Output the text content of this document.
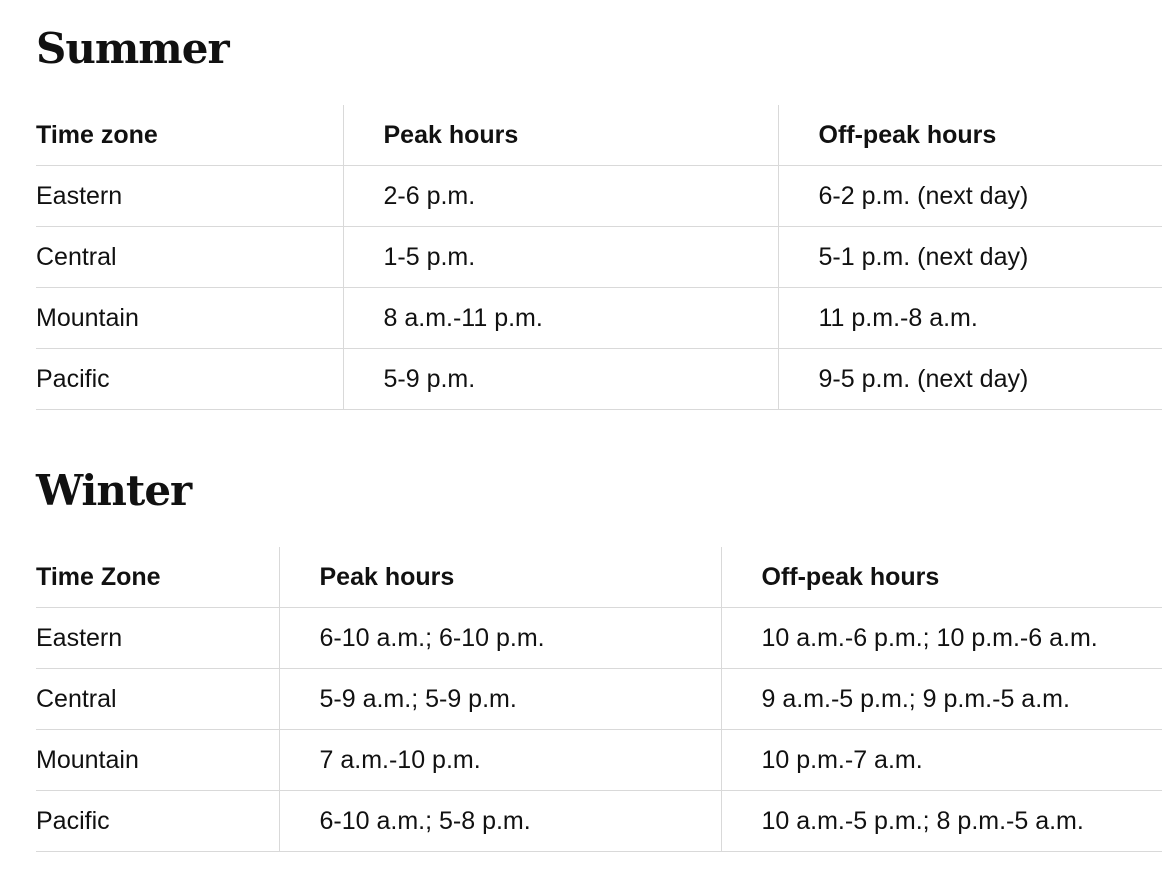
Summer
Time zone	Peak hours	Off-peak hours
Eastern	2-6 p.m.	6-2 p.m. (next day)
Central	1-5 p.m.	5-1 p.m. (next day)
Mountain	8 a.m.-11 p.m.	11 p.m.-8 a.m.
Pacific	5-9 p.m.	9-5 p.m. (next day)
Winter
Time Zone	Peak hours	Off-peak hours
Eastern	6-10 a.m.; 6-10 p.m.	10 a.m.-6 p.m.; 10 p.m.-6 a.m.
Central	5-9 a.m.; 5-9 p.m.	9 a.m.-5 p.m.; 9 p.m.-5 a.m.
Mountain	7 a.m.-10 p.m.	10 p.m.-7 a.m.
Pacific	6-10 a.m.; 5-8 p.m.	10 a.m.-5 p.m.; 8 p.m.-5 a.m.
